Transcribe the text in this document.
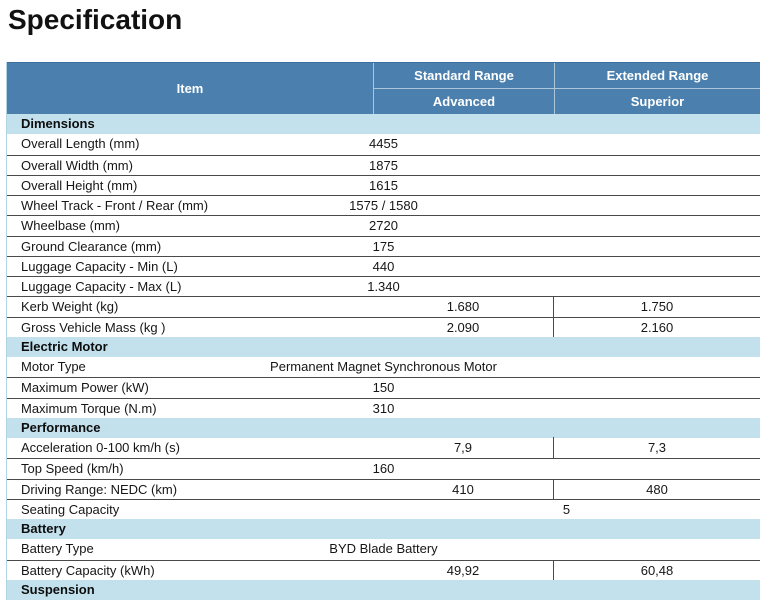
Specification
Item
Standard Range	Extended Range
Advanced	Superior
Dimensions
Overall Length (mm)	4455
Overall Width (mm)	1875
Overall Height (mm)	1615
Wheel Track - Front / Rear (mm)	1575 / 1580
Wheelbase (mm)	2720
Ground Clearance (mm)	175
Luggage Capacity - Min (L)	440
Luggage Capacity - Max (L)	1.340
Kerb Weight (kg)	1.680	1.750
Gross Vehicle Mass (kg )	2.090	2.160
Electric Motor
Motor Type	Permanent Magnet Synchronous Motor
Maximum Power (kW)	150
Maximum Torque (N.m)	310
Performance
Acceleration 0-100 km/h (s)	7,9	7,3
Top Speed (km/h)	160
Driving Range: NEDC (km)	410	480
Seating Capacity	5
Battery
Battery Type	BYD Blade Battery
Battery Capacity (kWh)	49,92	60,48
Suspension
